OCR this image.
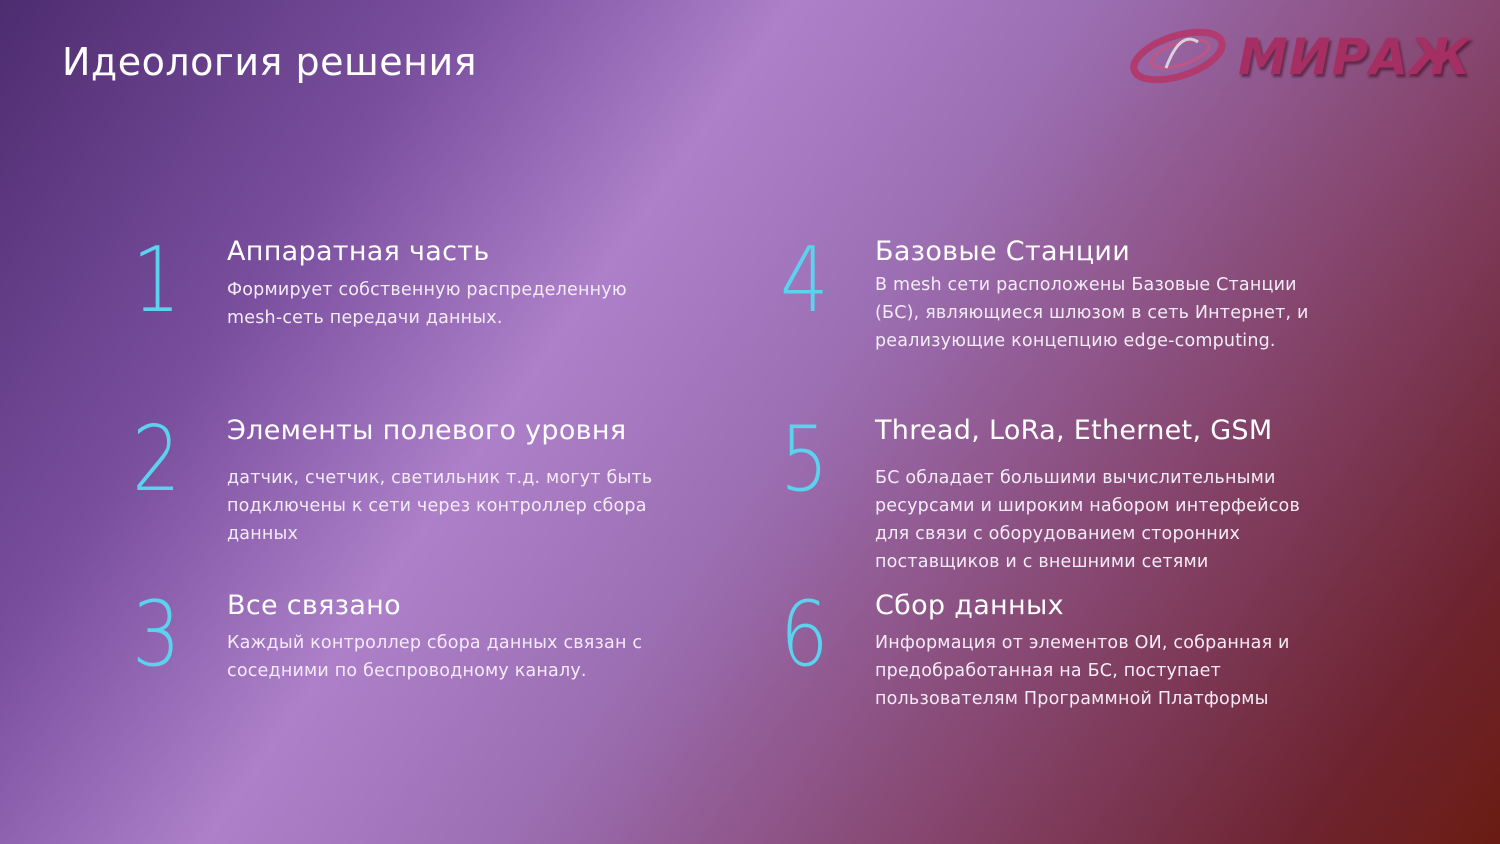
Идеология решения	МИРАЖ
1 Аппаратная часть
Формирует собственную распределенную
mesh-сеть передачи данных.
2 Элементы полевого уровня
датчик, счетчик, светильник т.д. могут быть
подключены к сети через контроллер сбора
данных
3 Все связано
Каждый контроллер сбора данных связан с
соседними по беспроводному каналу.
4 Базовые Станции
В mesh сети расположены Базовые Станции
(БС), являющиеся шлюзом в сеть Интернет, и
реализующие концепцию edge-computing.
5 Thread, LoRa, Ethernet, GSM
БС обладает большими вычислительными
ресурсами и широким набором интерфейсов
для связи с оборудованием сторонних
поставщиков и с внешними сетями
6 Сбор данных
Информация от элементов ОИ, собранная и
предобработанная на БС, поступает
пользователям Программной Платформы
